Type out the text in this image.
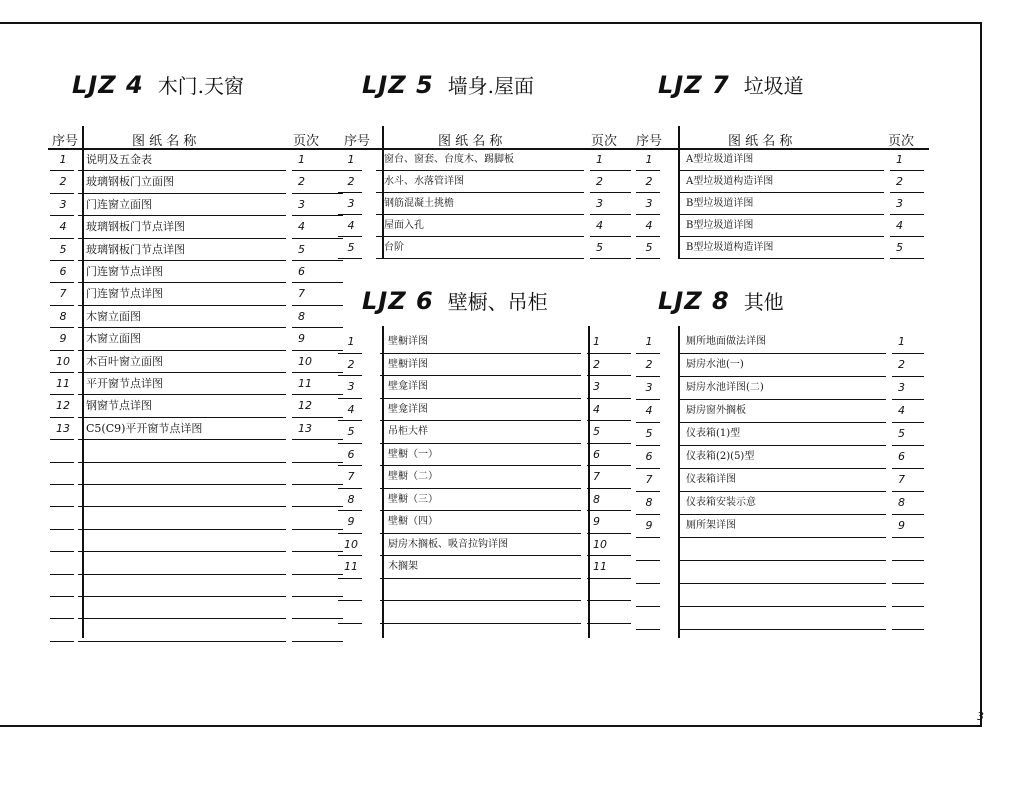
3
LJZ 4 木门.天窗
序号	图 纸 名 称	页次
1	说明及五金表	1
2	玻璃钢板门立面图	2
3	门连窗立面图	3
4	玻璃钢板门节点详图	4
5	玻璃钢板门节点详图	5
6	门连窗节点详图	6
7	门连窗节点详图	7
8	木窗立面图	8
9	木窗立面图	9
10	木百叶窗立面图	10
11	平开窗节点详图	11
12	钢窗节点详图	12
13	C5(C9)平开窗节点详图	13
LJZ 5 墙身.屋面
序号	图 纸 名 称	页次
1	窗台、窗套、台度木、踢脚板	1
2	水斗、水落管详图	2
3	钢筋混凝土挑檐	3
4	屋面入孔	4
5	台阶	5
LJZ 6 壁橱、吊柜
1	壁橱详图	1
2	壁橱详图	2
3	壁龛详图	3
4	壁龛详图	4
5	吊柜大样	5
6	壁橱（一）	6
7	壁橱（二）	7
8	壁橱（三）	8
9	壁橱（四）	9
10	厨房木搁板、吸音拉钩详图	10
11	木搁架	11
LJZ 7 垃圾道
序号	图 纸 名 称	页次
1	A型垃圾道详图	1
2	A型垃圾道构造详图	2
3	B型垃圾道详图	3
4	B型垃圾道详图	4
5	B型垃圾道构造详图	5
LJZ 8 其他
1	厕所地面做法详图	1
2	厨房水池(一)	2
3	厨房水池详图(二)	3
4	厨房窗外搁板	4
5	仪表箱(1)型	5
6	仪表箱(2)(5)型	6
7	仪表箱详图	7
8	仪表箱安装示意	8
9	厕所架详图	9
